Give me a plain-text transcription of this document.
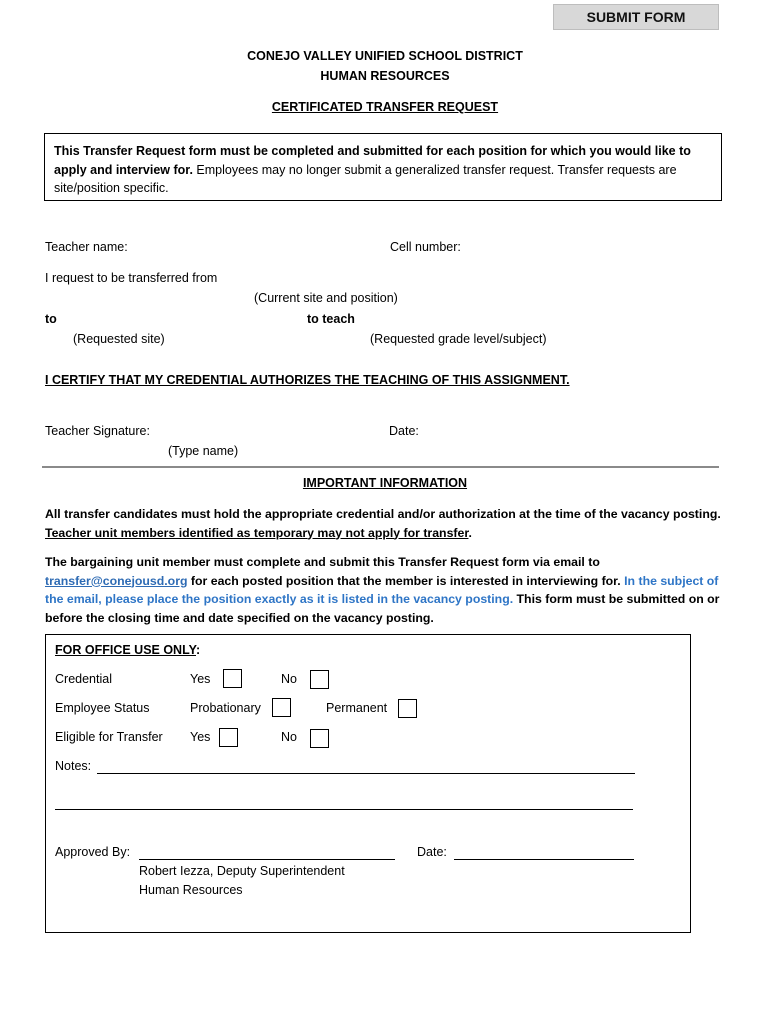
SUBMIT FORM
CONEJO VALLEY UNIFIED SCHOOL DISTRICT
HUMAN RESOURCES
CERTIFICATED TRANSFER REQUEST
This Transfer Request form must be completed and submitted for each position for which you would like to apply and interview for. Employees may no longer submit a generalized transfer request. Transfer requests are site/position specific.
Teacher name:	Cell number:
I request to be transferred from
(Current site and position)
to	to teach
(Requested site)	(Requested grade level/subject)
I CERTIFY THAT MY CREDENTIAL AUTHORIZES THE TEACHING OF THIS ASSIGNMENT.
Teacher Signature:	Date:
(Type name)
IMPORTANT INFORMATION
All transfer candidates must hold the appropriate credential and/or authorization at the time of the vacancy posting.
Teacher unit members identified as temporary may not apply for transfer.
The bargaining unit member must complete and submit this Transfer Request form via email to
transfer@conejousd.org for each posted position that the member is interested in interviewing for. In the subject of the email, please place the position exactly as it is listed in the vacancy posting. This form must be submitted on or before the closing time and date specified on the vacancy posting.
FOR OFFICE USE ONLY:
Credential	Yes	No
Employee Status	Probationary	Permanent
Eligible for Transfer Yes	No
Notes:
Approved By:	Date:
Robert Iezza, Deputy Superintendent
Human Resources
